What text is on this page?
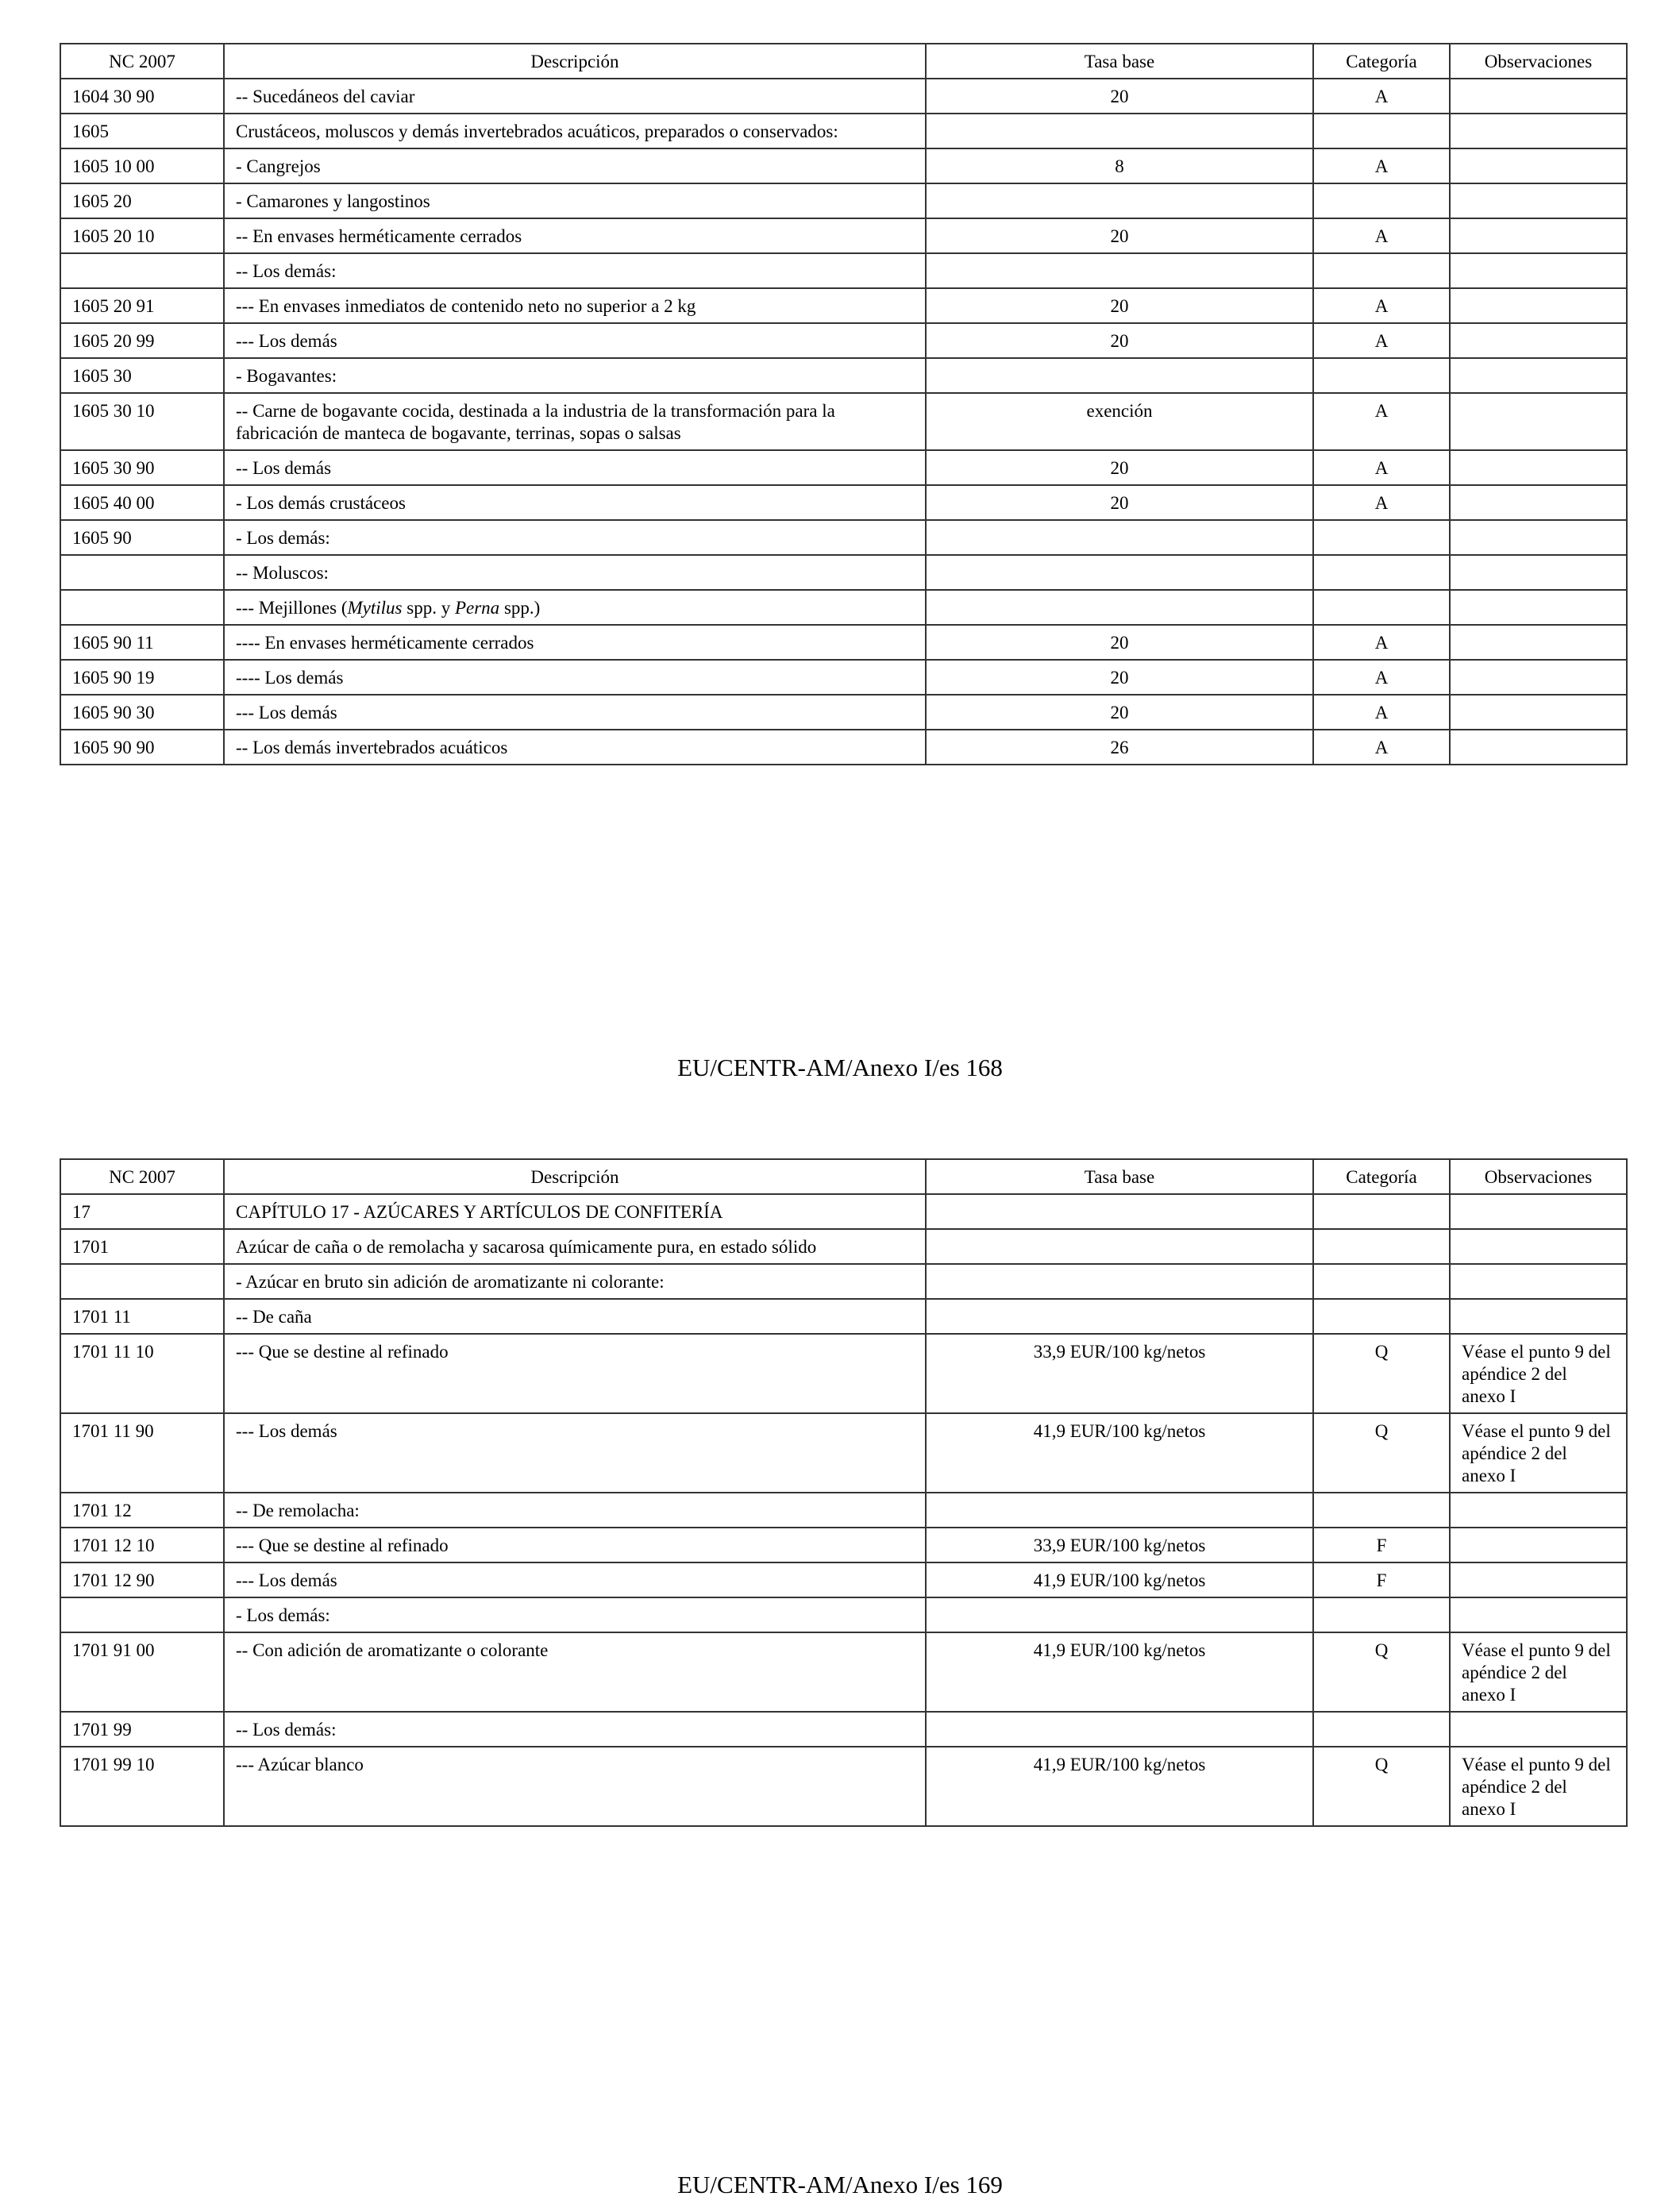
NC 2007	Descripción	Tasa base	Categoría	Observaciones
1604 30 90	-- Sucedáneos del caviar	20	A	
1605	Crustáceos, moluscos y demás invertebrados acuáticos, preparados o conservados:			
1605 10 00	- Cangrejos	8	A	
1605 20	- Camarones y langostinos			
1605 20 10	-- En envases herméticamente cerrados	20	A	
	-- Los demás:			
1605 20 91	--- En envases inmediatos de contenido neto no superior a 2 kg	20	A	
1605 20 99	--- Los demás	20	A	
1605 30	- Bogavantes:			
1605 30 10	-- Carne de bogavante cocida, destinada a la industria de la transformación para la fabricación de manteca de bogavante, terrinas, sopas o salsas	exención	A	
1605 30 90	-- Los demás	20	A	
1605 40 00	- Los demás crustáceos	20	A	
1605 90	- Los demás:			
	-- Moluscos:			
	--- Mejillones (Mytilus spp. y Perna spp.)			
1605 90 11	---- En envases herméticamente cerrados	20	A	
1605 90 19	---- Los demás	20	A	
1605 90 30	--- Los demás	20	A	
1605 90 90	-- Los demás invertebrados acuáticos	26	A	
EU/CENTR-AM/Anexo I/es 168
NC 2007	Descripción	Tasa base	Categoría	Observaciones
17	CAPÍTULO 17 - AZÚCARES Y ARTÍCULOS DE CONFITERÍA			
1701	Azúcar de caña o de remolacha y sacarosa químicamente pura, en estado sólido			
	- Azúcar en bruto sin adición de aromatizante ni colorante:			
1701 11	-- De caña			
1701 11 10	--- Que se destine al refinado	33,9 EUR/100 kg/netos	Q	Véase el punto 9 del apéndice 2 del anexo I
1701 11 90	--- Los demás	41,9 EUR/100 kg/netos	Q	Véase el punto 9 del apéndice 2 del anexo I
1701 12	-- De remolacha:			
1701 12 10	--- Que se destine al refinado	33,9 EUR/100 kg/netos	F	
1701 12 90	--- Los demás	41,9 EUR/100 kg/netos	F	
	- Los demás:			
1701 91 00	-- Con adición de aromatizante o colorante	41,9 EUR/100 kg/netos	Q	Véase el punto 9 del apéndice 2 del anexo I
1701 99	-- Los demás:			
1701 99 10	--- Azúcar blanco	41,9 EUR/100 kg/netos	Q	Véase el punto 9 del apéndice 2 del anexo I
EU/CENTR-AM/Anexo I/es 169
